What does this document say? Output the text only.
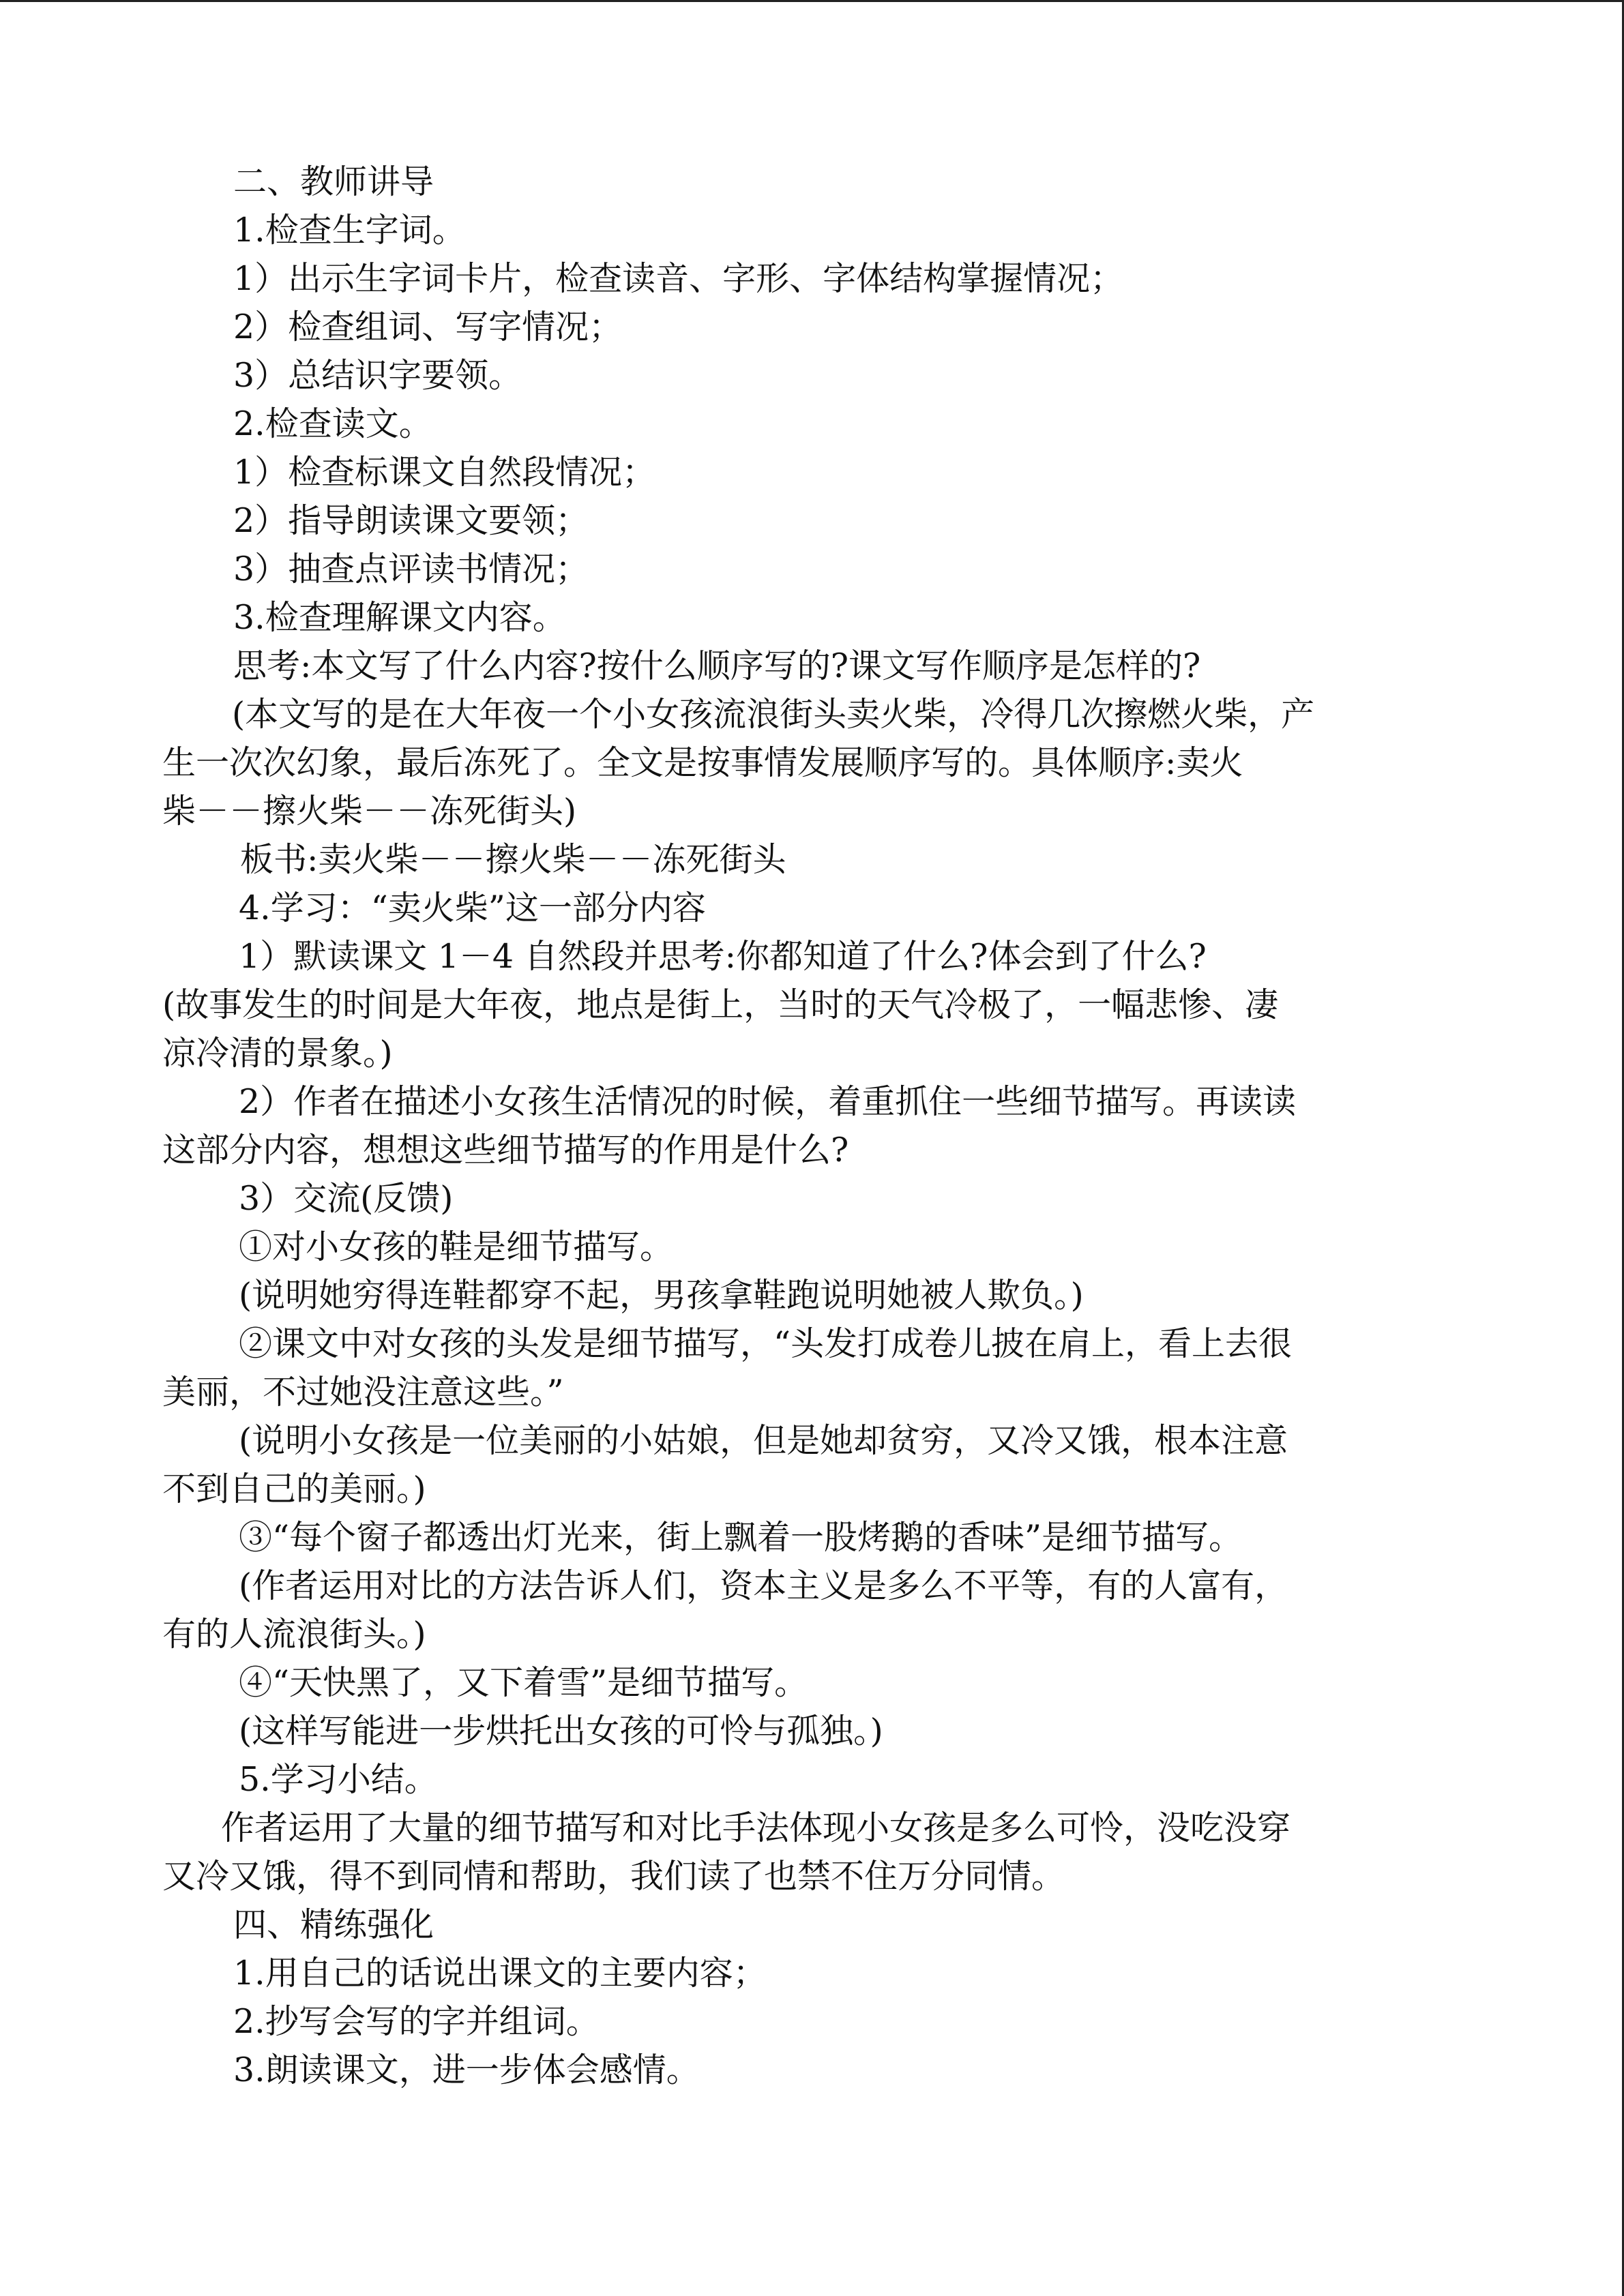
二、教师讲导
1.检查生字词。
1）出示生字词卡片，检查读音、字形、字体结构掌握情况；
2）检查组词、写字情况；
3）总结识字要领。
2.检查读文。
1）检查标课文自然段情况；
2）指导朗读课文要领；
3）抽查点评读书情况；
3.检查理解课文内容。
思考:本文写了什么内容?按什么顺序写的?课文写作顺序是怎样的?
(本文写的是在大年夜一个小女孩流浪街头卖火柴，冷得几次擦燃火柴，产
生一次次幻象，最后冻死了。全文是按事情发展顺序写的。具体顺序:卖火
柴－－擦火柴－－冻死街头)
板书:卖火柴－－擦火柴－－冻死街头
4.学习：“卖火柴”这一部分内容
1）默读课文 1－4 自然段并思考:你都知道了什么?体会到了什么?
(故事发生的时间是大年夜，地点是街上，当时的天气冷极了，一幅悲惨、凄
凉冷清的景象。)
2）作者在描述小女孩生活情况的时候，着重抓住一些细节描写。再读读
这部分内容，想想这些细节描写的作用是什么?
3）交流(反馈)
①对小女孩的鞋是细节描写。
(说明她穷得连鞋都穿不起，男孩拿鞋跑说明她被人欺负。)
②课文中对女孩的头发是细节描写，“头发打成卷儿披在肩上，看上去很
美丽，不过她没注意这些。”
(说明小女孩是一位美丽的小姑娘，但是她却贫穷，又冷又饿，根本注意
不到自己的美丽。)
③“每个窗子都透出灯光来，街上飘着一股烤鹅的香味”是细节描写。
(作者运用对比的方法告诉人们，资本主义是多么不平等，有的人富有，
有的人流浪街头。)
④“天快黑了，又下着雪”是细节描写。
(这样写能进一步烘托出女孩的可怜与孤独。)
5.学习小结。
作者运用了大量的细节描写和对比手法体现小女孩是多么可怜，没吃没穿
又冷又饿，得不到同情和帮助，我们读了也禁不住万分同情。
四、精练强化
1.用自己的话说出课文的主要内容；
2.抄写会写的字并组词。
3.朗读课文，进一步体会感情。
